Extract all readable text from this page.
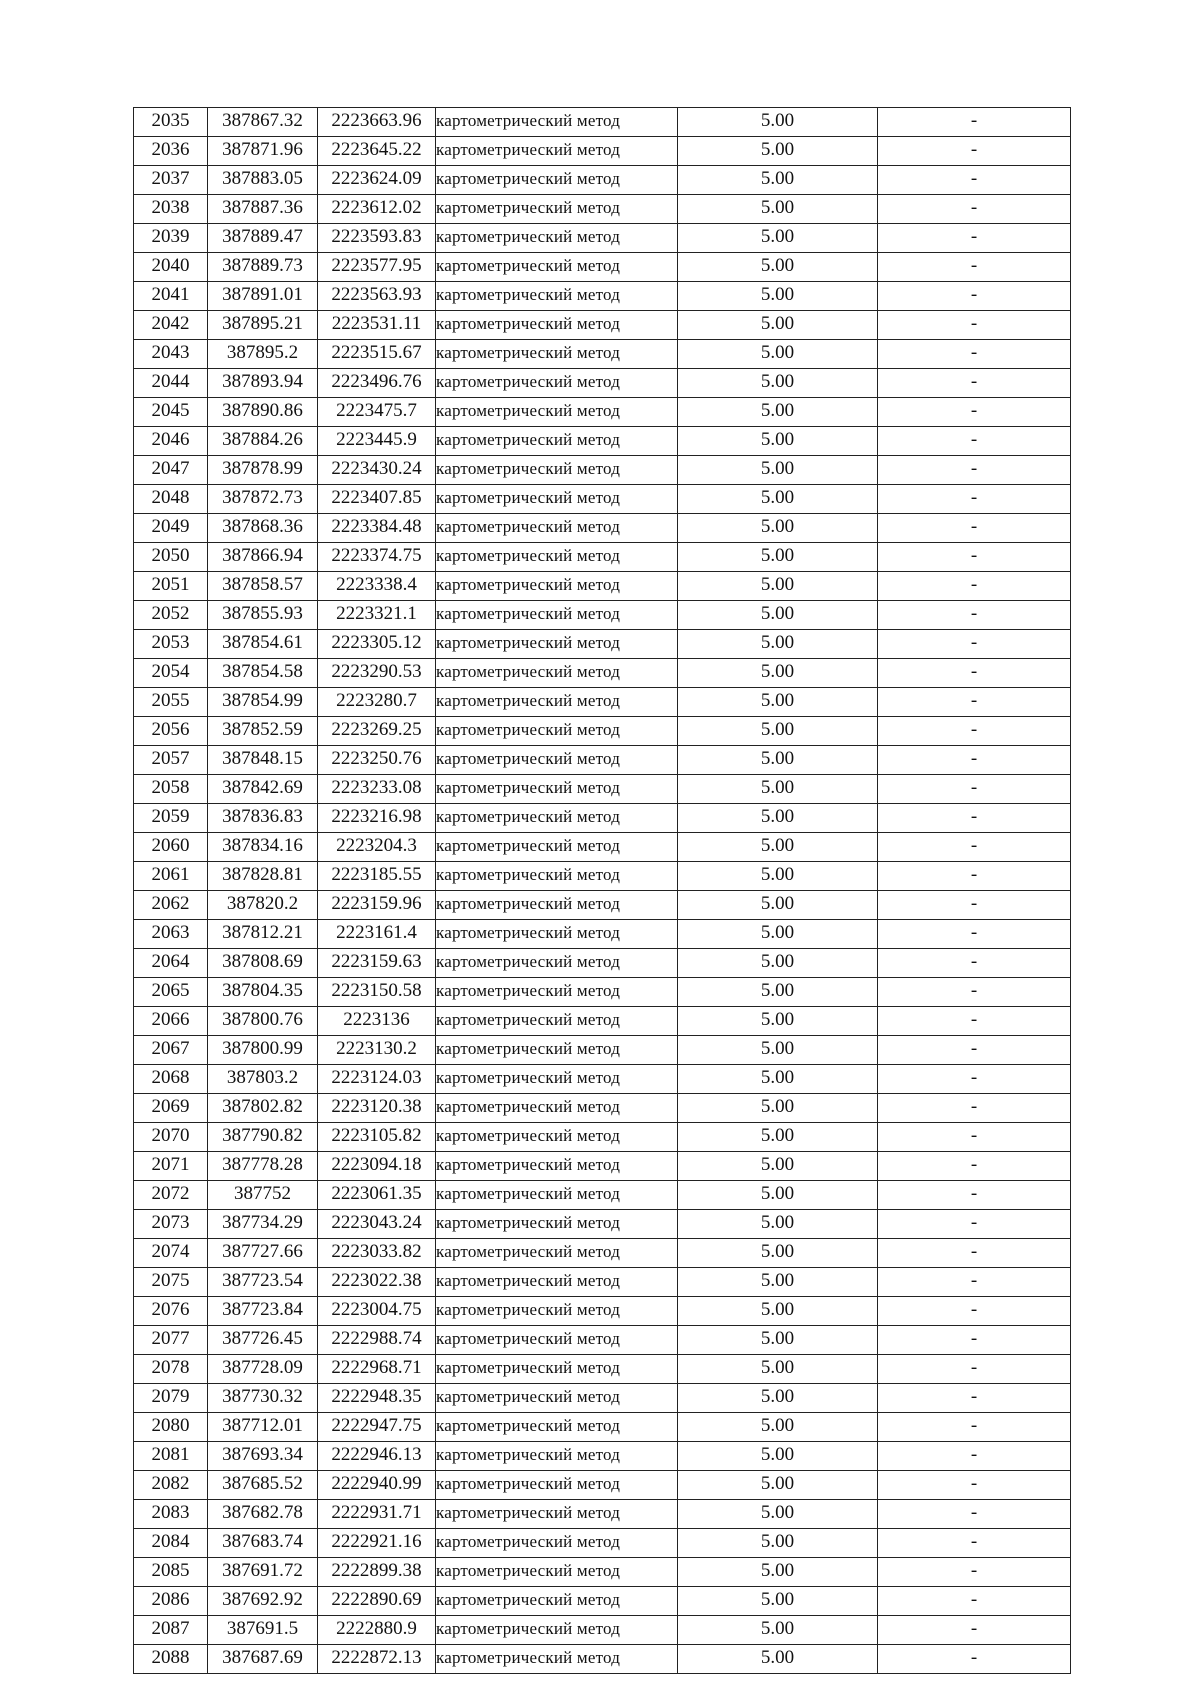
2035	387867.32	2223663.96	картометрический метод	5.00	-
2036	387871.96	2223645.22	картометрический метод	5.00	-
2037	387883.05	2223624.09	картометрический метод	5.00	-
2038	387887.36	2223612.02	картометрический метод	5.00	-
2039	387889.47	2223593.83	картометрический метод	5.00	-
2040	387889.73	2223577.95	картометрический метод	5.00	-
2041	387891.01	2223563.93	картометрический метод	5.00	-
2042	387895.21	2223531.11	картометрический метод	5.00	-
2043	387895.2	2223515.67	картометрический метод	5.00	-
2044	387893.94	2223496.76	картометрический метод	5.00	-
2045	387890.86	2223475.7	картометрический метод	5.00	-
2046	387884.26	2223445.9	картометрический метод	5.00	-
2047	387878.99	2223430.24	картометрический метод	5.00	-
2048	387872.73	2223407.85	картометрический метод	5.00	-
2049	387868.36	2223384.48	картометрический метод	5.00	-
2050	387866.94	2223374.75	картометрический метод	5.00	-
2051	387858.57	2223338.4	картометрический метод	5.00	-
2052	387855.93	2223321.1	картометрический метод	5.00	-
2053	387854.61	2223305.12	картометрический метод	5.00	-
2054	387854.58	2223290.53	картометрический метод	5.00	-
2055	387854.99	2223280.7	картометрический метод	5.00	-
2056	387852.59	2223269.25	картометрический метод	5.00	-
2057	387848.15	2223250.76	картометрический метод	5.00	-
2058	387842.69	2223233.08	картометрический метод	5.00	-
2059	387836.83	2223216.98	картометрический метод	5.00	-
2060	387834.16	2223204.3	картометрический метод	5.00	-
2061	387828.81	2223185.55	картометрический метод	5.00	-
2062	387820.2	2223159.96	картометрический метод	5.00	-
2063	387812.21	2223161.4	картометрический метод	5.00	-
2064	387808.69	2223159.63	картометрический метод	5.00	-
2065	387804.35	2223150.58	картометрический метод	5.00	-
2066	387800.76	2223136	картометрический метод	5.00	-
2067	387800.99	2223130.2	картометрический метод	5.00	-
2068	387803.2	2223124.03	картометрический метод	5.00	-
2069	387802.82	2223120.38	картометрический метод	5.00	-
2070	387790.82	2223105.82	картометрический метод	5.00	-
2071	387778.28	2223094.18	картометрический метод	5.00	-
2072	387752	2223061.35	картометрический метод	5.00	-
2073	387734.29	2223043.24	картометрический метод	5.00	-
2074	387727.66	2223033.82	картометрический метод	5.00	-
2075	387723.54	2223022.38	картометрический метод	5.00	-
2076	387723.84	2223004.75	картометрический метод	5.00	-
2077	387726.45	2222988.74	картометрический метод	5.00	-
2078	387728.09	2222968.71	картометрический метод	5.00	-
2079	387730.32	2222948.35	картометрический метод	5.00	-
2080	387712.01	2222947.75	картометрический метод	5.00	-
2081	387693.34	2222946.13	картометрический метод	5.00	-
2082	387685.52	2222940.99	картометрический метод	5.00	-
2083	387682.78	2222931.71	картометрический метод	5.00	-
2084	387683.74	2222921.16	картометрический метод	5.00	-
2085	387691.72	2222899.38	картометрический метод	5.00	-
2086	387692.92	2222890.69	картометрический метод	5.00	-
2087	387691.5	2222880.9	картометрический метод	5.00	-
2088	387687.69	2222872.13	картометрический метод	5.00	-
